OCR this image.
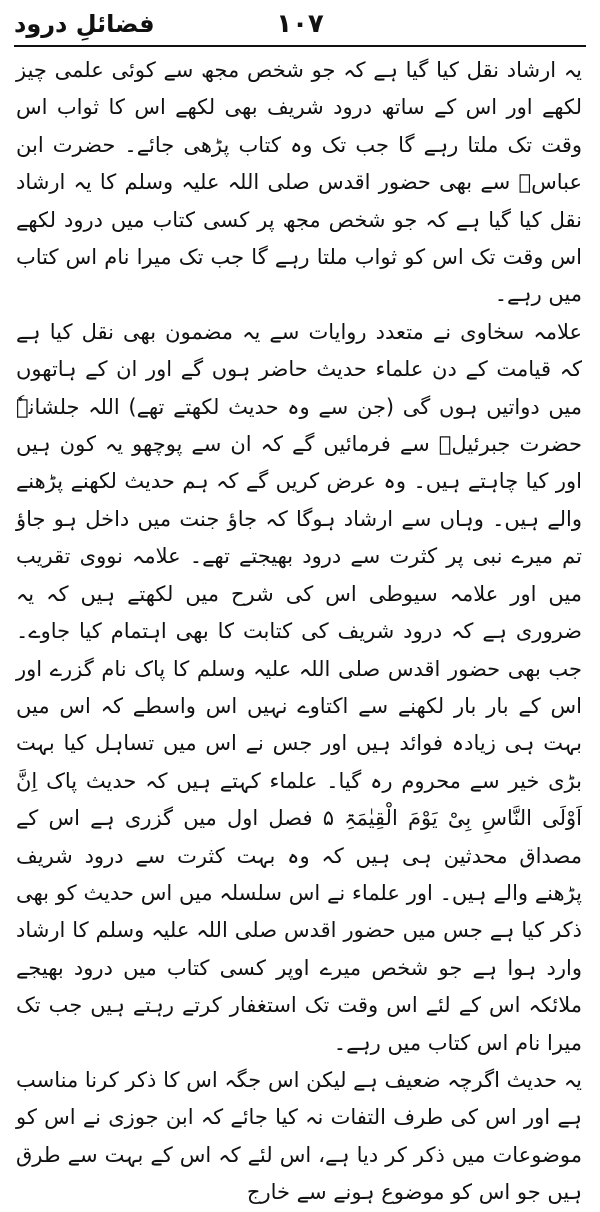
فضائلِ درود	۱۰۷

یہ ارشاد نقل کیا گیا ہے کہ جو شخص مجھ سے کوئی علمی چیز لکھے اور اس کے ساتھ درود شریف بھی لکھے اس کا ثواب اس وقت تک ملتا رہے گا جب تک وہ کتاب پڑھی جائے۔ حضرت ابن عباسؓ سے بھی حضور اقدس صلی اللہ علیہ وسلم کا یہ ارشاد نقل کیا گیا ہے کہ جو شخص مجھ پر کسی کتاب میں درود لکھے اس وقت تک اس کو ثواب ملتا رہے گا جب تک میرا نام اس کتاب میں رہے۔

علامہ سخاوی نے متعدد روایات سے یہ مضمون بھی نقل کیا ہے کہ قیامت کے دن علماء حدیث حاضر ہوں گے اور ان کے ہاتھوں میں دواتیں ہوں گی (جن سے وہ حدیث لکھتے تھے) اللہ جلشانہٗ حضرت جبرئیلؑ سے فرمائیں گے کہ ان سے پوچھو یہ کون ہیں اور کیا چاہتے ہیں۔ وہ عرض کریں گے کہ ہم حدیث لکھنے پڑھنے والے ہیں۔ وہاں سے ارشاد ہوگا کہ جاؤ جنت میں داخل ہو جاؤ تم میرے نبی پر کثرت سے درود بھیجتے تھے۔ علامہ نووی تقریب میں اور علامہ سیوطی اس کی شرح میں لکھتے ہیں کہ یہ ضروری ہے کہ درود شریف کی کتابت کا بھی اہتمام کیا جاوے۔ جب بھی حضور اقدس صلی اللہ علیہ وسلم کا پاک نام گزرے اور اس کے بار بار لکھنے سے اکتاوے نہیں اس واسطے کہ اس میں بہت ہی زیادہ فوائد ہیں اور جس نے اس میں تساہل کیا بہت بڑی خیر سے محروم رہ گیا۔ علماء کہتے ہیں کہ حدیث پاک اِنَّ اَوْلَی النَّاسِ بِیْ یَوْمَ الْقِیٰمَۃِ ۵ فصل اول میں گزری ہے اس کے مصداق محدثین ہی ہیں کہ وہ بہت کثرت سے درود شریف پڑھنے والے ہیں۔ اور علماء نے اس سلسلہ میں اس حدیث کو بھی ذکر کیا ہے جس میں حضور اقدس صلی اللہ علیہ وسلم کا ارشاد وارد ہوا ہے جو شخص میرے اوپر کسی کتاب میں درود بھیجے ملائکہ اس کے لئے اس وقت تک استغفار کرتے رہتے ہیں جب تک میرا نام اس کتاب میں رہے۔

یہ حدیث اگرچہ ضعیف ہے لیکن اس جگہ اس کا ذکر کرنا مناسب ہے اور اس کی طرف التفات نہ کیا جائے کہ ابن جوزی نے اس کو موضوعات میں ذکر کر دیا ہے، اس لئے کہ اس کے بہت سے طرق ہیں جو اس کو موضوع ہونے سے خارج
